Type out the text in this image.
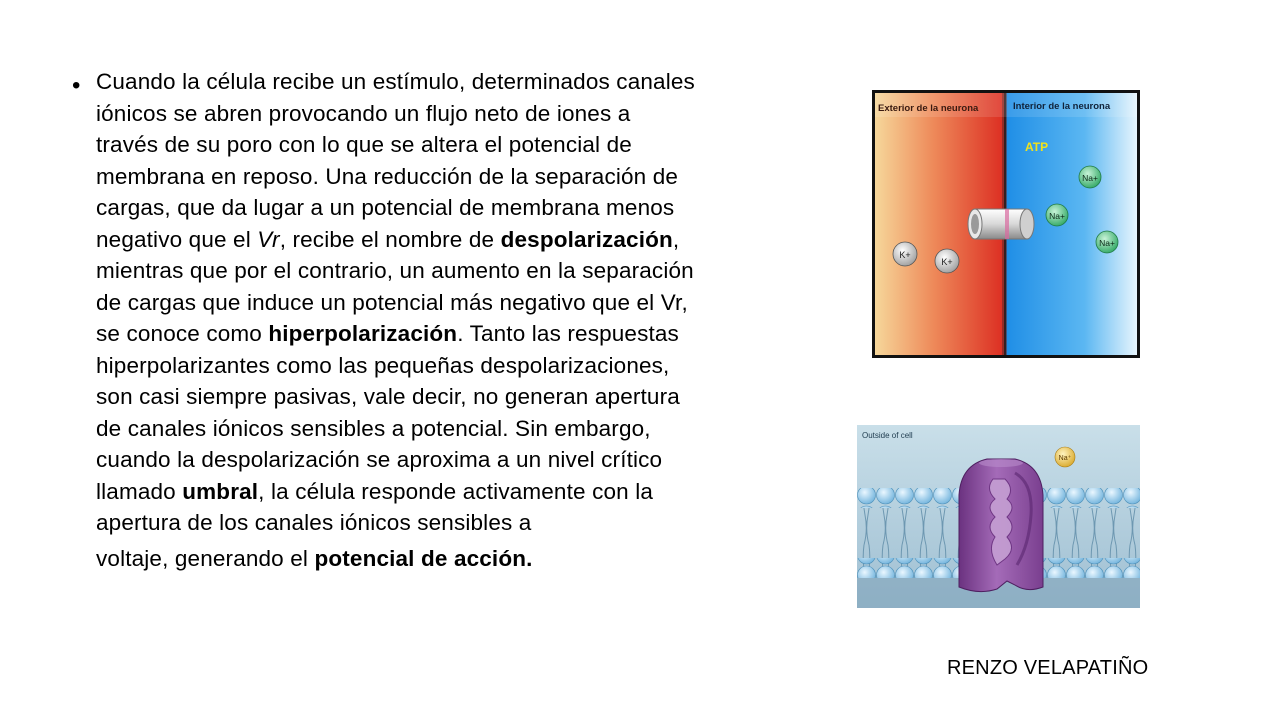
• Cuando la célula recibe un estímulo, determinados canales iónicos se abren provocando un flujo neto de iones a través de su poro con lo que se altera el potencial de membrana en reposo. Una reducción de la separación de cargas, que da lugar a un potencial de membrana menos negativo que el Vr, recibe el nombre de despolarización, mientras que por el contrario, un aumento en la separación de cargas que induce un potencial más negativo que el Vr, se conoce como hiperpolarización. Tanto las respuestas hiperpolarizantes como las pequeñas despolarizaciones, son casi siempre pasivas, vale decir, no generan apertura de canales iónicos sensibles a potencial. Sin embargo, cuando la despolarización se aproxima a un nivel crítico llamado umbral, la célula responde activamente con la apertura de los canales iónicos sensibles a voltaje, generando el potencial de acción.
Exterior de la neurona	Interior de la neurona
ATP
Na+
Na+
Na+
K+
K+
Outside of cell
Na⁺
RENZO VELAPATIÑO
